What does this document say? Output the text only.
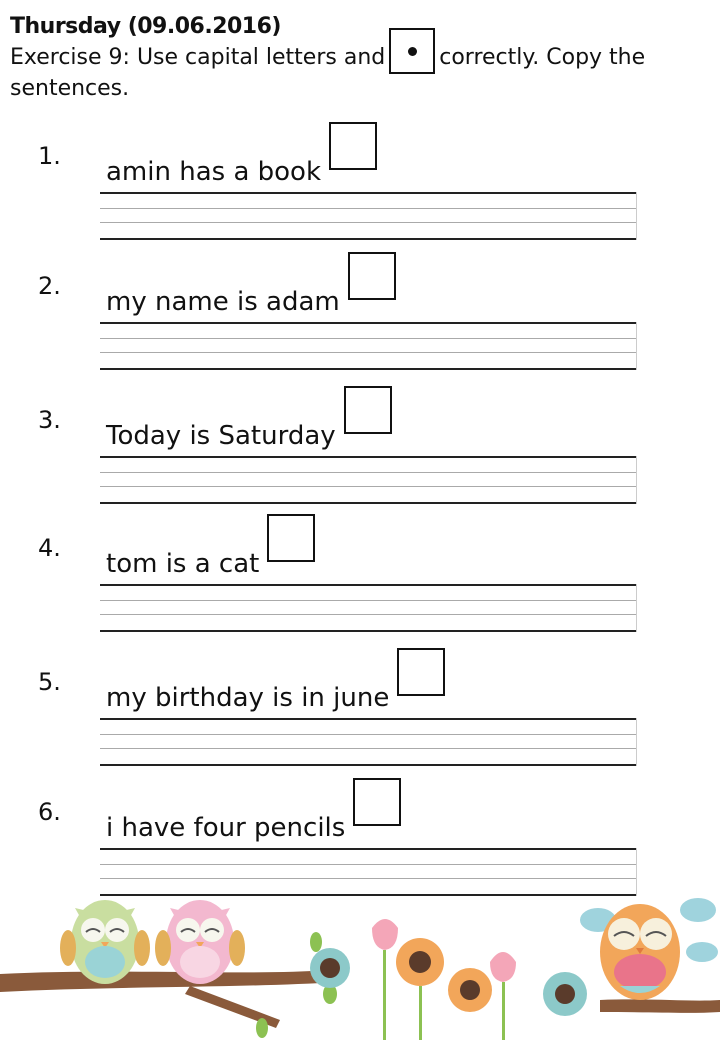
Thursday (09.06.2016)
Exercise 9: Use capital letters and correctly. Copy the sentences.
1.
amin has a book
2.
my name is adam
3.
Today is Saturday
4.
tom is a cat
5.
my birthday is in june
6.
i have four pencils
